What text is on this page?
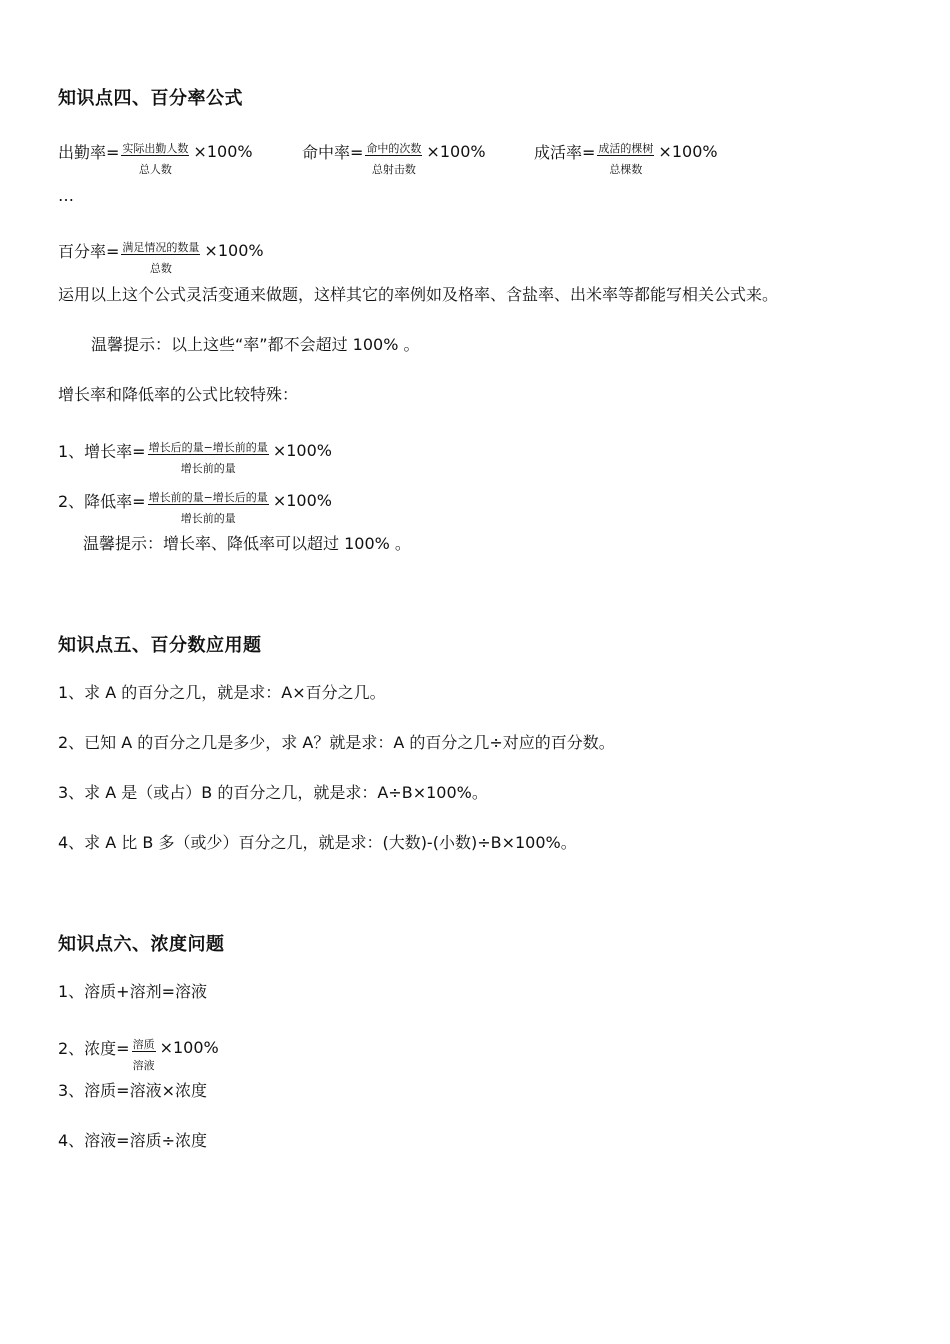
知识点四、百分率公式
出勤率= $\frac{\text{实际出勤人数}}{\text{总人数}} \times 100\%$	命中率= $\frac{\text{命中的次数}}{\text{总射击数}} \times 100\%$	成活率= $\frac{\text{成活的棵树}}{\text{总棵数}} \times 100\%$
…
百分率= $\frac{\text{满足情况的数量}}{\text{总数}} \times 100\%$
运用以上这个公式灵活变通来做题，这样其它的率例如及格率、含盐率、出米率等都能写相关公式来。
温馨提示：以上这些“率”都不会超过 100% 。
增长率和降低率的公式比较特殊：
1、增长率= $\frac{\text{增长后的量−增长前的量}}{\text{增长前的量}} \times 100\%$
2、降低率= $\frac{\text{增长前的量−增长后的量}}{\text{增长前的量}} \times 100\%$
温馨提示：增长率、降低率可以超过 100% 。
知识点五、百分数应用题
1、求 A 的百分之几，就是求：A×百分之几。
2、已知 A 的百分之几是多少，求 A？就是求：A 的百分之几÷对应的百分数。
3、求 A 是（或占）B 的百分之几，就是求：A÷B×100%。
4、求 A 比 B 多（或少）百分之几，就是求：(大数)-(小数)÷B×100%。
知识点六、浓度问题
1、溶质+溶剂=溶液
2、浓度= $\frac{\text{溶质}}{\text{溶液}} \times 100\%$
3、溶质=溶液×浓度
4、溶液=溶质÷浓度
